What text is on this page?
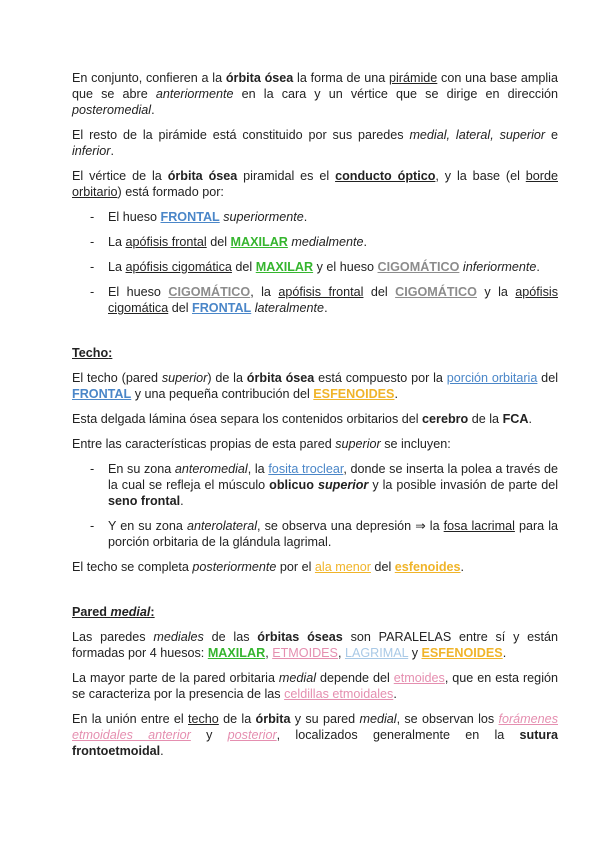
En conjunto, confieren a la órbita ósea la forma de una pirámide con una base amplia que se abre anteriormente en la cara y un vértice que se dirige en dirección posteromedial.

El resto de la pirámide está constituido por sus paredes medial, lateral, superior e inferior.

El vértice de la órbita ósea piramidal es el conducto óptico, y la base (el borde orbitario) está formado por:

- El hueso FRONTAL superiormente.
- La apófisis frontal del MAXILAR medialmente.
- La apófisis cigomática del MAXILAR y el hueso CIGOMÁTICO inferiormente.
- El hueso CIGOMÁTICO, la apófisis frontal del CIGOMÁTICO y la apófisis cigomática del FRONTAL lateralmente.
Techo:

El techo (pared superior) de la órbita ósea está compuesto por la porción orbitaria del FRONTAL y una pequeña contribución del ESFENOIDES.

Esta delgada lámina ósea separa los contenidos orbitarios del cerebro de la FCA.

Entre las características propias de esta pared superior se incluyen:

- En su zona anteromedial, la fosita troclear, donde se inserta la polea a través de la cual se refleja el músculo oblicuo superior y la posible invasión de parte del seno frontal.
- Y en su zona anterolateral, se observa una depresión ⇒ la fosa lacrimal para la porción orbitaria de la glándula lagrimal.

El techo se completa posteriormente por el ala menor del esfenoides.

Pared medial:

Las paredes mediales de las órbitas óseas son PARALELAS entre sí y están formadas por 4 huesos: MAXILAR, ETMOIDES, LAGRIMAL y ESFENOIDES.

La mayor parte de la pared orbitaria medial depende del etmoides, que en esta región se caracteriza por la presencia de las celdillas etmoidales.

En la unión entre el techo de la órbita y su pared medial, se observan los forámenes etmoidales anterior y posterior, localizados generalmente en la sutura frontoetmoidal.
